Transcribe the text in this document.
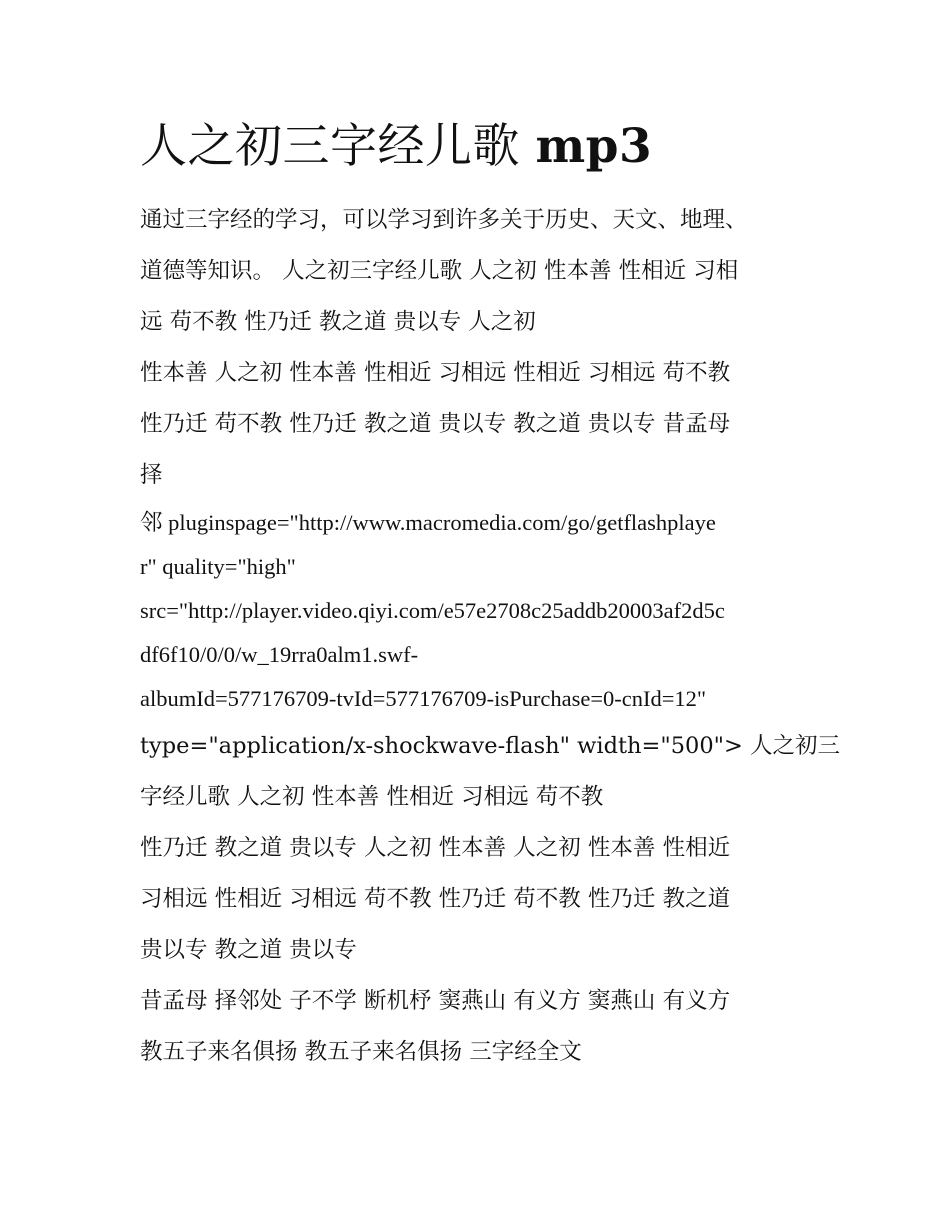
人之初三字经儿歌 mp3
通过三字经的学习，可以学习到许多关于历史、天文、地理、
道德等知识。 人之初三字经儿歌 人之初 性本善 性相近 习相
远 苟不教 性乃迁 教之道 贵以专 人之初
性本善 人之初 性本善 性相近 习相远 性相近 习相远 苟不教
性乃迁 苟不教 性乃迁 教之道 贵以专 教之道 贵以专 昔孟母
择
邻 pluginspage="http://www.macromedia.com/go/getflashplaye
r" quality="high"
src="http://player.video.qiyi.com/e57e2708c25addb20003af2d5c
df6f10/0/0/w_19rra0alm1.swf-
albumId=577176709-tvId=577176709-isPurchase=0-cnId=12"
type="application/x-shockwave-flash" width="500"> 人之初三
字经儿歌 人之初 性本善 性相近 习相远 苟不教
性乃迁 教之道 贵以专 人之初 性本善 人之初 性本善 性相近
习相远 性相近 习相远 苟不教 性乃迁 苟不教 性乃迁 教之道
贵以专 教之道 贵以专
昔孟母 择邻处 子不学 断机杼 窦燕山 有义方 窦燕山 有义方
教五子来名俱扬 教五子来名俱扬 三字经全文
